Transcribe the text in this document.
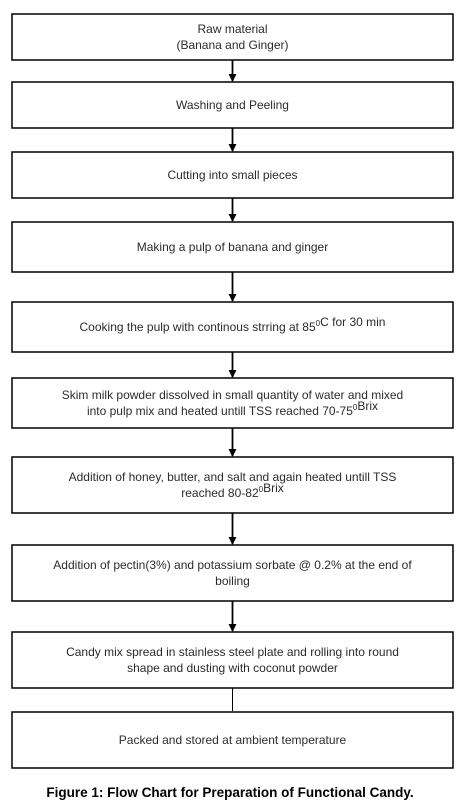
Raw material
(Banana and Ginger)
Washing and Peeling
Cutting into small pieces
Making a pulp of banana and ginger
Cooking the pulp with continous strring at $85^0C$ for 30 min
Skim milk powder dissolved in small quantity of water and mixed
into pulp mix and heated untill TSS reached $70-75^0Brix$
Addition of honey, butter, and salt and again heated untill TSS
reached $80-82^0Brix$
Addition of pectin(3%) and potassium sorbate @ 0.2% at the end of
boiling
Candy mix spread in stainless steel plate and rolling into round
shape and dusting with coconut powder
Packed and stored at ambient temperature
Figure 1: Flow Chart for Preparation of Functional Candy.
